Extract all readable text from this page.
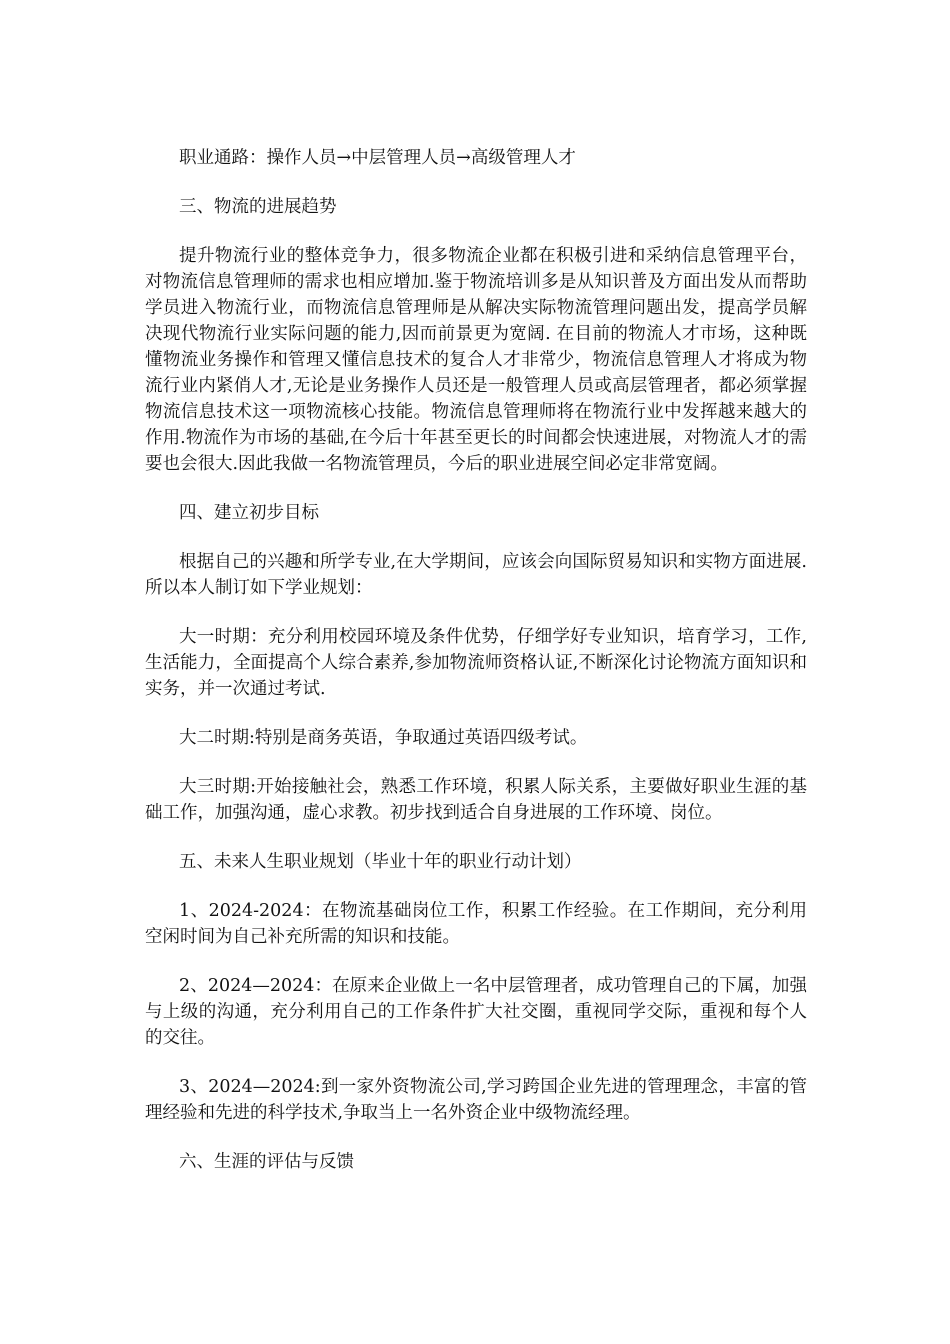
职业通路：操作人员→中层管理人员→高级管理人才

三、物流的进展趋势

提升物流行业的整体竞争力，很多物流企业都在积极引进和采纳信息管理平台，对物流信息管理师的需求也相应增加.鉴于物流培训多是从知识普及方面出发从而帮助学员进入物流行业，而物流信息管理师是从解决实际物流管理问题出发，提高学员解决现代物流行业实际问题的能力,因而前景更为宽阔. 在目前的物流人才市场，这种既懂物流业务操作和管理又懂信息技术的复合人才非常少，物流信息管理人才将成为物流行业内紧俏人才,无论是业务操作人员还是一般管理人员或高层管理者，都必须掌握物流信息技术这一项物流核心技能。物流信息管理师将在物流行业中发挥越来越大的作用.物流作为市场的基础,在今后十年甚至更长的时间都会快速进展，对物流人才的需要也会很大.因此我做一名物流管理员，今后的职业进展空间必定非常宽阔。

四、建立初步目标

根据自己的兴趣和所学专业,在大学期间，应该会向国际贸易知识和实物方面进展.所以本人制订如下学业规划：

大一时期：充分利用校园环境及条件优势，仔细学好专业知识，培育学习，工作,生活能力，全面提高个人综合素养,参加物流师资格认证,不断深化讨论物流方面知识和实务，并一次通过考试.

大二时期:特别是商务英语，争取通过英语四级考试。

大三时期:开始接触社会，熟悉工作环境，积累人际关系，主要做好职业生涯的基础工作，加强沟通，虚心求教。初步找到适合自身进展的工作环境、岗位。

五、未来人生职业规划（毕业十年的职业行动计划）

1、2024-2024：在物流基础岗位工作，积累工作经验。在工作期间，充分利用空闲时间为自己补充所需的知识和技能。

2、2024—2024：在原来企业做上一名中层管理者，成功管理自己的下属，加强与上级的沟通，充分利用自己的工作条件扩大社交圈，重视同学交际，重视和每个人的交往。

3、2024—2024:到一家外资物流公司,学习跨国企业先进的管理理念，丰富的管理经验和先进的科学技术,争取当上一名外资企业中级物流经理。

六、生涯的评估与反馈
